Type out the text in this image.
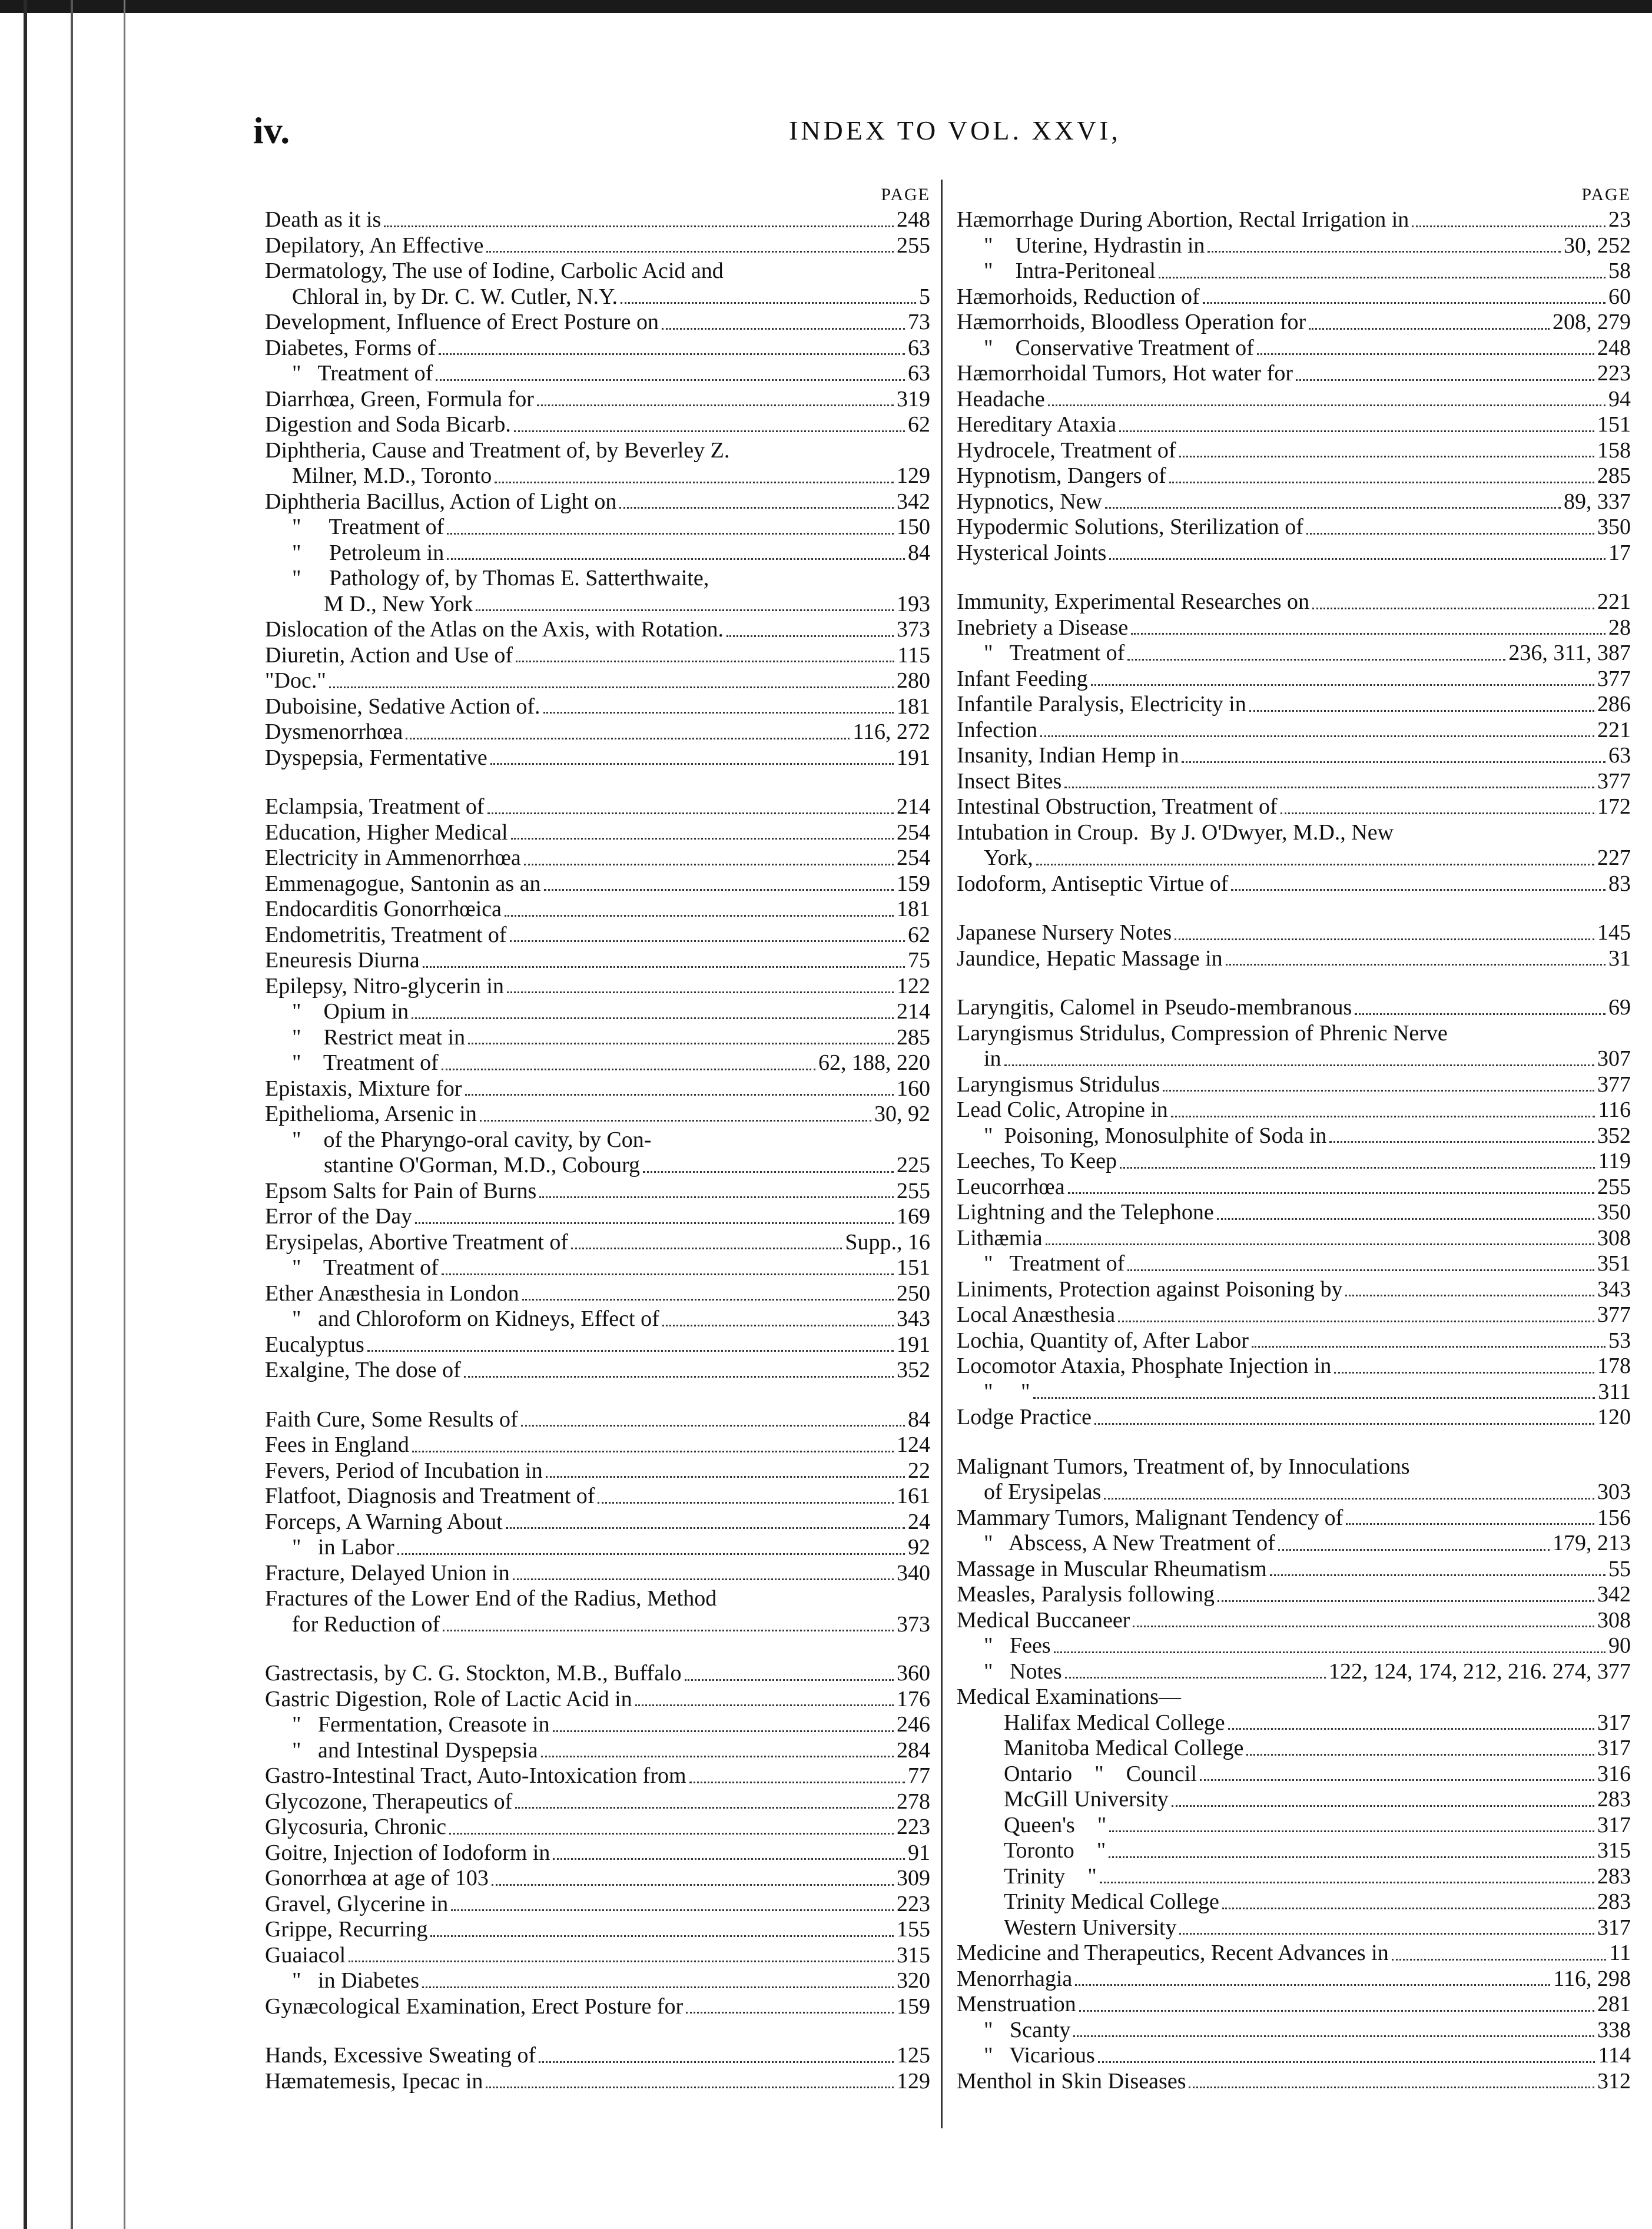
iv.	INDEX TO VOL. XXVI,
PAGE
Death as it is	248
Depilatory, An Effective	255
Dermatology, The use of Iodine, Carbolic Acid and
Chloral in, by Dr. C. W. Cutler, N.Y.	5
Development, Influence of Erect Posture on	73
Diabetes, Forms of	63
"   Treatment of	63
Diarrhœa, Green, Formula for	319
Digestion and Soda Bicarb.	62
Diphtheria, Cause and Treatment of, by Beverley Z.
Milner, M.D., Toronto	129
Diphtheria Bacillus, Action of Light on	342
"     Treatment of	150
"     Petroleum in	84
"     Pathology of, by Thomas E. Satterthwaite,
M D., New York	193
Dislocation of the Atlas on the Axis, with Rotation.	373
Diuretin, Action and Use of	115
"Doc."	280
Duboisine, Sedative Action of.	181
Dysmenorrhœa	116, 272
Dyspepsia, Fermentative	191
Eclampsia, Treatment of	214
Education, Higher Medical	254
Electricity in Ammenorrhœa	254
Emmenagogue, Santonin as an	159
Endocarditis Gonorrhœica	181
Endometritis, Treatment of	62
Eneuresis Diurna	75
Epilepsy, Nitro-glycerin in	122
"    Opium in	214
"    Restrict meat in	285
"    Treatment of	62, 188, 220
Epistaxis, Mixture for	160
Epithelioma, Arsenic in	30, 92
"    of the Pharyngo-oral cavity, by Con-
stantine O'Gorman, M.D., Cobourg	225
Epsom Salts for Pain of Burns	255
Error of the Day	169
Erysipelas, Abortive Treatment of	Supp., 16
"    Treatment of	151
Ether Anæsthesia in London	250
"   and Chloroform on Kidneys, Effect of	343
Eucalyptus	191
Exalgine, The dose of	352
Faith Cure, Some Results of	84
Fees in England	124
Fevers, Period of Incubation in	22
Flatfoot, Diagnosis and Treatment of	161
Forceps, A Warning About	24
"   in Labor	92
Fracture, Delayed Union in	340
Fractures of the Lower End of the Radius, Method
for Reduction of	373
Gastrectasis, by C. G. Stockton, M.B., Buffalo	360
Gastric Digestion, Role of Lactic Acid in	176
"   Fermentation, Creasote in	246
"   and Intestinal Dyspepsia	284
Gastro-Intestinal Tract, Auto-Intoxication from	77
Glycozone, Therapeutics of	278
Glycosuria, Chronic	223
Goitre, Injection of Iodoform in	91
Gonorrhœa at age of 103	309
Gravel, Glycerine in	223
Grippe, Recurring	155
Guaiacol	315
"   in Diabetes	320
Gynæcological Examination, Erect Posture for	159
Hands, Excessive Sweating of	125
Hæmatemesis, Ipecac in	129
PAGE
Hæmorrhage During Abortion, Rectal Irrigation in	23
"    Uterine, Hydrastin in	30, 252
"    Intra-Peritoneal	58
Hæmorhoids, Reduction of	60
Hæmorrhoids, Bloodless Operation for	208, 279
"    Conservative Treatment of	248
Hæmorrhoidal Tumors, Hot water for	223
Headache	94
Hereditary Ataxia	151
Hydrocele, Treatment of	158
Hypnotism, Dangers of	285
Hypnotics, New	89, 337
Hypodermic Solutions, Sterilization of	350
Hysterical Joints	17
Immunity, Experimental Researches on	221
Inebriety a Disease	28
"   Treatment of	236, 311, 387
Infant Feeding	377
Infantile Paralysis, Electricity in	286
Infection	221
Insanity, Indian Hemp in	63
Insect Bites	377
Intestinal Obstruction, Treatment of	172
Intubation in Croup.  By J. O'Dwyer, M.D., New
York,	227
Iodoform, Antiseptic Virtue of	83
Japanese Nursery Notes	145
Jaundice, Hepatic Massage in	31
Laryngitis, Calomel in Pseudo-membranous	69
Laryngismus Stridulus, Compression of Phrenic Nerve
in	307
Laryngismus Stridulus	377
Lead Colic, Atropine in	116
"  Poisoning, Monosulphite of Soda in	352
Leeches, To Keep	119
Leucorrhœa	255
Lightning and the Telephone	350
Lithæmia	308
"   Treatment of	351
Liniments, Protection against Poisoning by	343
Local Anæsthesia	377
Lochia, Quantity of, After Labor	53
Locomotor Ataxia, Phosphate Injection in	178
"     "	311
Lodge Practice	120
Malignant Tumors, Treatment of, by Innoculations
of Erysipelas	303
Mammary Tumors, Malignant Tendency of	156
"   Abscess, A New Treatment of	179, 213
Massage in Muscular Rheumatism	55
Measles, Paralysis following	342
Medical Buccaneer	308
"   Fees	90
"   Notes	122, 124, 174, 212, 216. 274, 377
Medical Examinations—
Halifax Medical College	317
Manitoba Medical College	317
Ontario    "    Council	316
McGill University	283
Queen's    "	317
Toronto    "	315
Trinity    "	283
Trinity Medical College	283
Western University	317
Medicine and Therapeutics, Recent Advances in	11
Menorrhagia	116, 298
Menstruation	281
"   Scanty	338
"   Vicarious	114
Menthol in Skin Diseases	312
